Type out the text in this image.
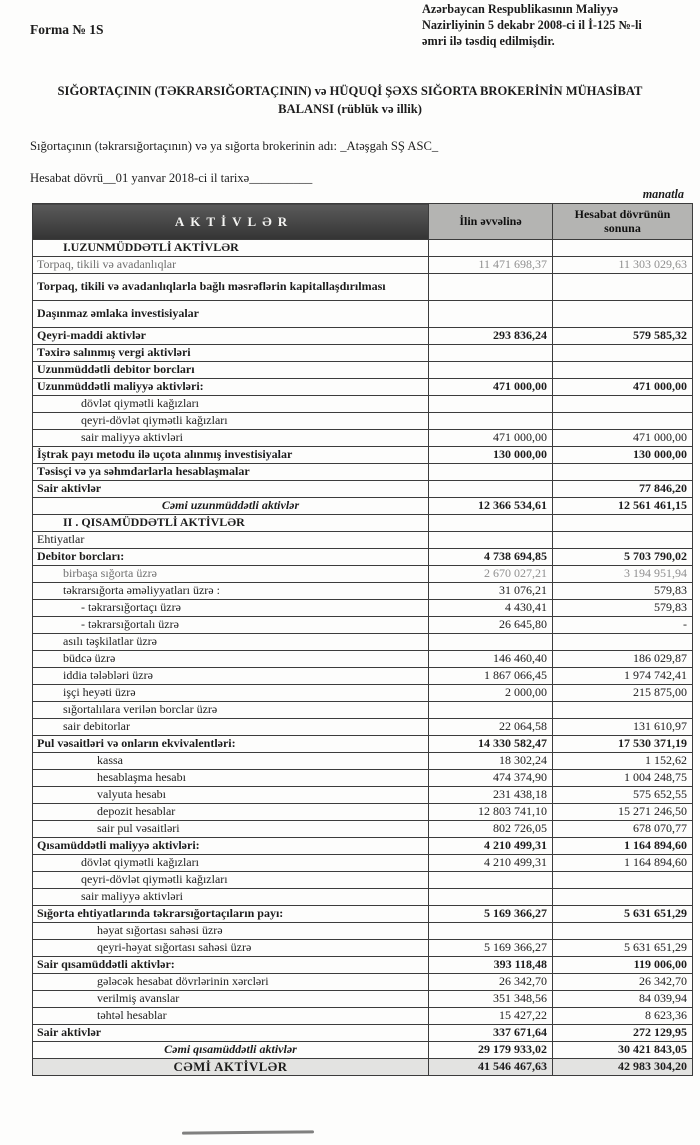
Forma № 1S
Azərbaycan Respublikasının Maliyyə
Nazirliyinin 5 dekabr 2008-ci il İ-125 №-li
əmri ilə təsdiq edilmişdir.
SIĞORTAÇININ (TƏKRARSIĞORTAÇININ) və HÜQUQİ ŞƏXS SIĞORTA BROKERİNİN MÜHASİBAT
BALANSI (rüblük və illik)
Sığortaçının (təkrarsığortaçının) və ya sığorta brokerinin adı: _Atəşgah SŞ ASC_
Hesabat dövrü__01 yanvar 2018-ci il tarixə__________
manatla
AKTİVLƏR	İlin əvvəlinə	Hesabat dövrünün sonuna
I.UZUNMÜDDƏTLİ AKTİVLƏR		
Torpaq, tikili və avadanlıqlar	11 471 698,37	11 303 029,63
Torpaq, tikili və avadanlıqlarla bağlı məsrəflərin kapitallaşdırılması		
Daşınmaz əmlaka investisiyalar		
Qeyri-maddi aktivlər	293 836,24	579 585,32
Təxirə salınmış vergi aktivləri		
Uzunmüddətli debitor borcları		
Uzunmüddətli maliyyə aktivləri:	471 000,00	471 000,00
dövlət qiymətli kağızları		
qeyri-dövlət qiymətli kağızları		
sair maliyyə aktivləri	471 000,00	471 000,00
İştrak payı metodu ilə uçota alınmış investisiyalar	130 000,00	130 000,00
Təsisçi və ya səhmdarlarla hesablaşmalar		
Sair aktivlər		77 846,20
Cəmi uzunmüddətli aktivlər	12 366 534,61	12 561 461,15
II . QISAMÜDDƏTLİ AKTİVLƏR		
Ehtiyatlar		
Debitor borcları:	4 738 694,85	5 703 790,02
birbaşa sığorta üzrə	2 670 027,21	3 194 951,94
təkrarsığorta əməliyyatları üzrə :	31 076,21	579,83
- təkrarsığortaçı üzrə	4 430,41	579,83
- təkrarsığortalı üzrə	26 645,80	-
asılı təşkilatlar üzrə		
büdcə üzrə	146 460,40	186 029,87
iddia tələbləri üzrə	1 867 066,45	1 974 742,41
işçi heyəti üzrə	2 000,00	215 875,00
sığortalılara verilən borclar üzrə		
sair debitorlar	22 064,58	131 610,97
Pul vəsaitləri və onların ekvivalentləri:	14 330 582,47	17 530 371,19
kassa	18 302,24	1 152,62
hesablaşma hesabı	474 374,90	1 004 248,75
valyuta hesabı	231 438,18	575 652,55
depozit hesablar	12 803 741,10	15 271 246,50
sair pul vəsaitləri	802 726,05	678 070,77
Qısamüddətli maliyyə aktivləri:	4 210 499,31	1 164 894,60
dövlət qiymətli kağızları	4 210 499,31	1 164 894,60
qeyri-dövlət qiymətli kağızları		
sair maliyyə aktivləri		
Sığorta ehtiyatlarında təkrarsığortaçıların payı:	5 169 366,27	5 631 651,29
həyat sığortası sahəsi üzrə		
qeyri-həyat sığortası sahəsi üzrə	5 169 366,27	5 631 651,29
Sair qısamüddətli aktivlər:	393 118,48	119 006,00
gələcək hesabat dövrlərinin xərcləri	26 342,70	26 342,70
verilmiş avanslar	351 348,56	84 039,94
təhtəl hesablar	15 427,22	8 623,36
Sair aktivlər	337 671,64	272 129,95
Cəmi qısamüddətli aktivlər	29 179 933,02	30 421 843,05
CƏMİ AKTİVLƏR	41 546 467,63	42 983 304,20
